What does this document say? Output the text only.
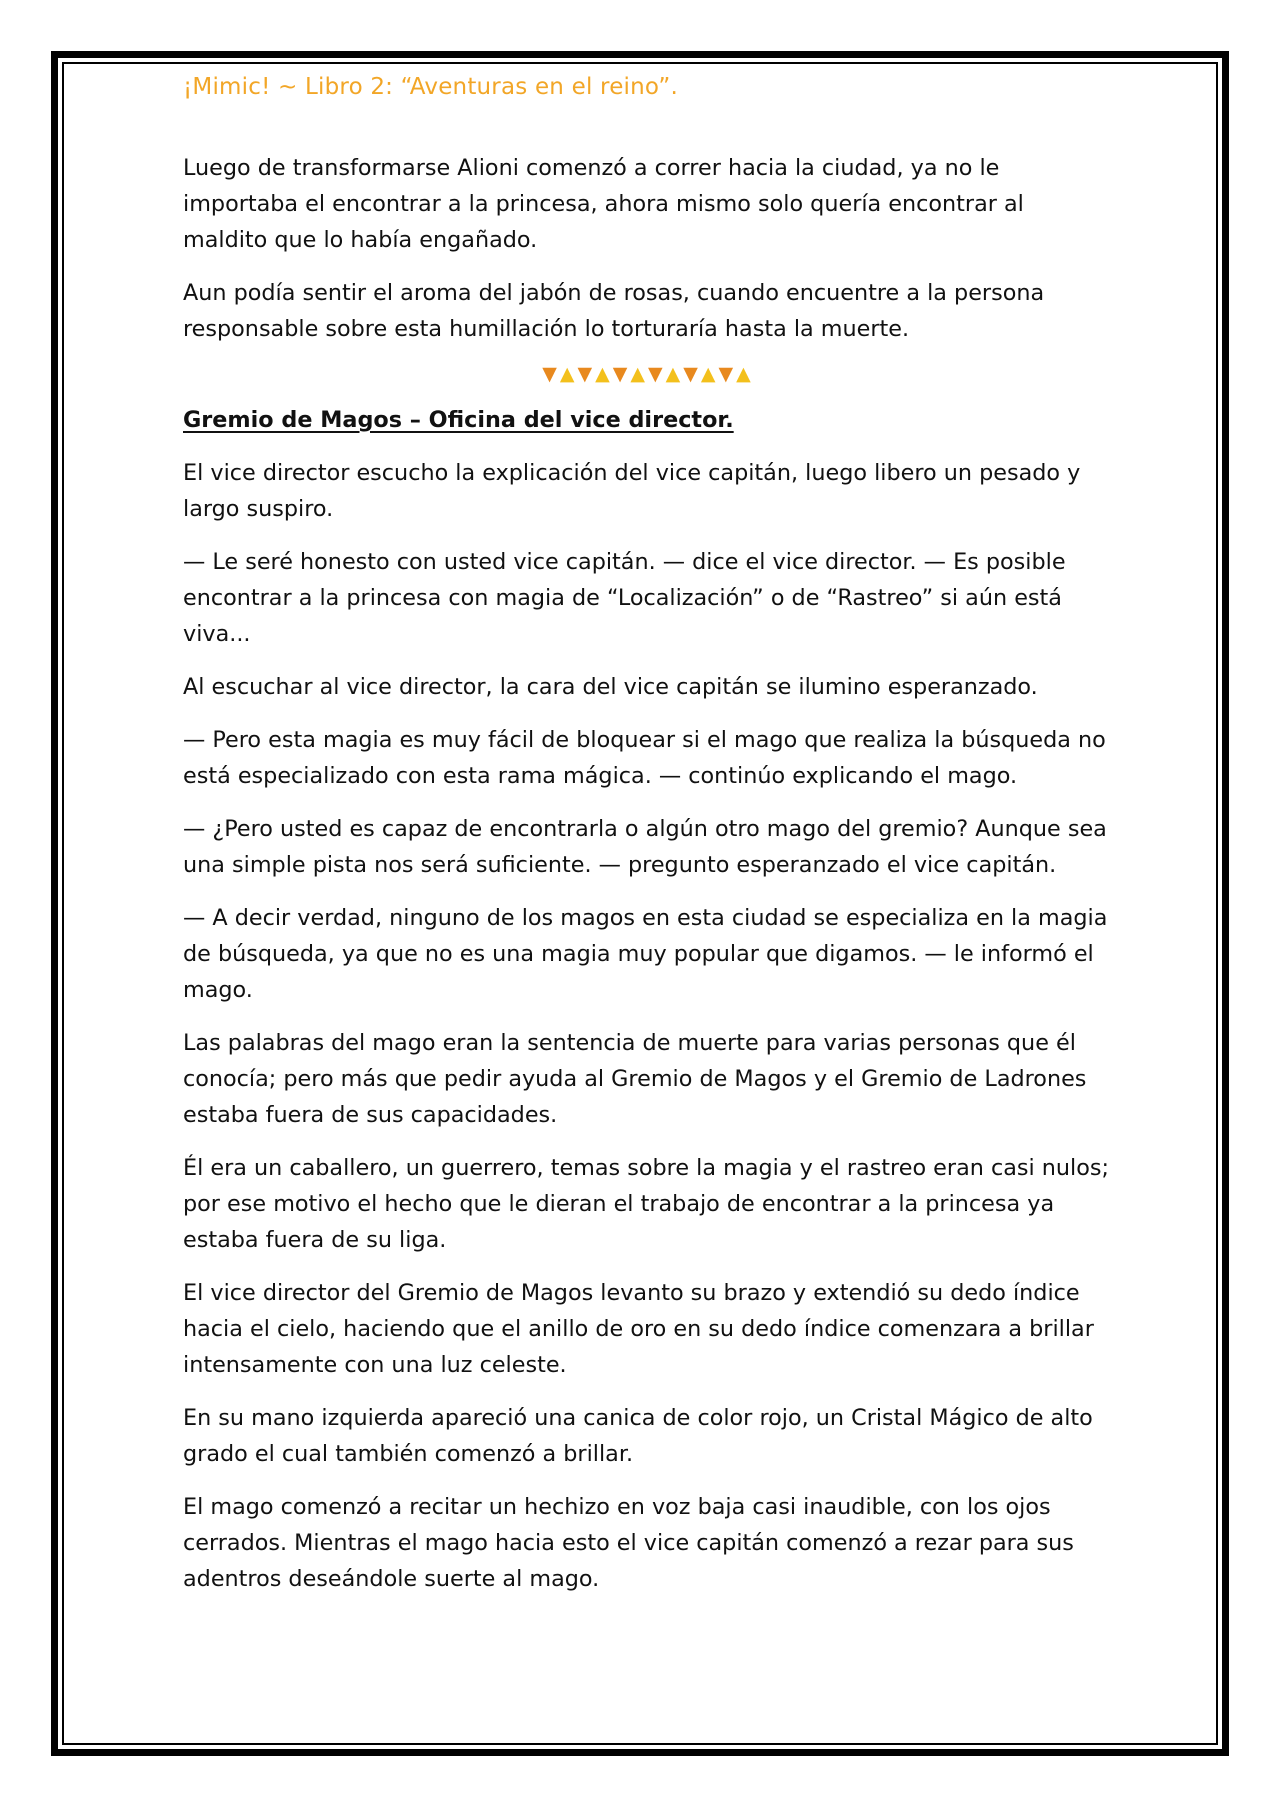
¡Mimic! ~ Libro 2: “Aventuras en el reino”.

Luego de transformarse Alioni comenzó a correr hacia la ciudad, ya no le importaba el encontrar a la princesa, ahora mismo solo quería encontrar al maldito que lo había engañado.

Aun podía sentir el aroma del jabón de rosas, cuando encuentre a la persona responsable sobre esta humillación lo torturaría hasta la muerte.

▼▲▼▲▼▲▼▲▼▲▼▲
Gremio de Magos – Oficina del vice director.

El vice director escucho la explicación del vice capitán, luego libero un pesado y largo suspiro.

— Le seré honesto con usted vice capitán. — dice el vice director. — Es posible encontrar a la princesa con magia de “Localización” o de “Rastreo” si aún está viva...

Al escuchar al vice director, la cara del vice capitán se ilumino esperanzado.

— Pero esta magia es muy fácil de bloquear si el mago que realiza la búsqueda no está especializado con esta rama mágica. — continúo explicando el mago.

— ¿Pero usted es capaz de encontrarla o algún otro mago del gremio? Aunque sea una simple pista nos será suficiente. — pregunto esperanzado el vice capitán.

— A decir verdad, ninguno de los magos en esta ciudad se especializa en la magia de búsqueda, ya que no es una magia muy popular que digamos. — le informó el mago.

Las palabras del mago eran la sentencia de muerte para varias personas que él conocía; pero más que pedir ayuda al Gremio de Magos y el Gremio de Ladrones estaba fuera de sus capacidades.

Él era un caballero, un guerrero, temas sobre la magia y el rastreo eran casi nulos; por ese motivo el hecho que le dieran el trabajo de encontrar a la princesa ya estaba fuera de su liga.

El vice director del Gremio de Magos levanto su brazo y extendió su dedo índice hacia el cielo, haciendo que el anillo de oro en su dedo índice comenzara a brillar intensamente con una luz celeste.

En su mano izquierda apareció una canica de color rojo, un Cristal Mágico de alto grado el cual también comenzó a brillar.

El mago comenzó a recitar un hechizo en voz baja casi inaudible, con los ojos cerrados. Mientras el mago hacia esto el vice capitán comenzó a rezar para sus adentros deseándole suerte al mago.
